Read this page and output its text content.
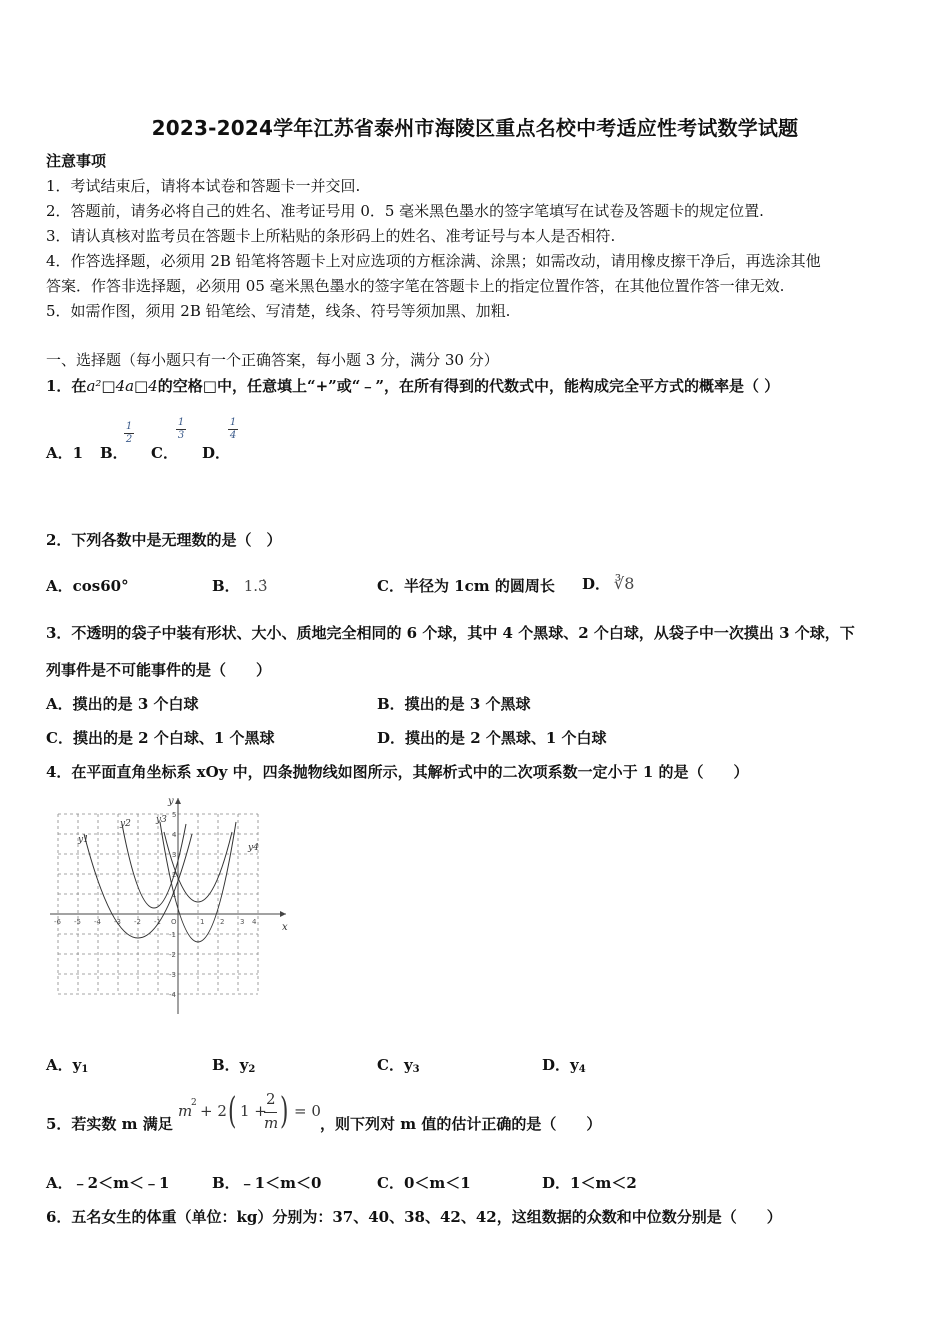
2023-2024学年江苏省泰州市海陵区重点名校中考适应性考试数学试题
注意事项
1．考试结束后，请将本试卷和答题卡一并交回.
2．答题前，请务必将自己的姓名、准考证号用 0．5 毫米黑色墨水的签字笔填写在试卷及答题卡的规定位置.
3．请认真核对监考员在答题卡上所粘贴的条形码上的姓名、准考证号与本人是否相符.
4．作答选择题，必须用 2B 铅笔将答题卡上对应选项的方框涂满、涂黑；如需改动，请用橡皮擦干净后，再选涂其他
答案．作答非选择题，必须用 05 毫米黑色墨水的签字笔在答题卡上的指定位置作答，在其他位置作答一律无效.
5．如需作图，须用 2B 铅笔绘、写清楚，线条、符号等须加黑、加粗.
一、选择题（每小题只有一个正确答案，每小题 3 分，满分 30 分）
1．在a²□4a□4的空格□中，任意填上“+”或“﹣”，在所有得到的代数式中，能构成完全平方式的概率是（ ）
A．1 B． C． D．
1
2
1
3
1
4
2．下列各数中是无理数的是（　）
A．cos60°	B． 1.3̇	C．半径为 1cm 的圆周长 D． ∛8
3．不透明的袋子中装有形状、大小、质地完全相同的 6 个球，其中 4 个黑球、2 个白球，从袋子中一次摸出 3 个球，下
列事件是不可能事件的是（　　）
A．摸出的是 3 个白球	B．摸出的是 3 个黑球
C．摸出的是 2 个白球、1 个黑球	D．摸出的是 2 个黑球、1 个白球
4．在平面直角坐标系 xOy 中，四条抛物线如图所示，其解析式中的二次项系数一定小于 1 的是（　　）
x
y
-6 -5 -4 -3 -2 -1 O	1 2 3 4
5
4
3
2
1
-1
-2
-3
-4
y1
y2	y3
y4
A．y1	B．y2	C．y3	D．y4
5．若实数 m 满足
m
2 + 2 ( 1 +
2
m ) = 0
，则下列对 m 值的估计正确的是（　　）
A．﹣2＜m＜﹣1	B．﹣1＜m＜0	C．0＜m＜1	D．1＜m＜2
6．五名女生的体重（单位：kg）分别为：37、40、38、42、42，这组数据的众数和中位数分别是（　　）
